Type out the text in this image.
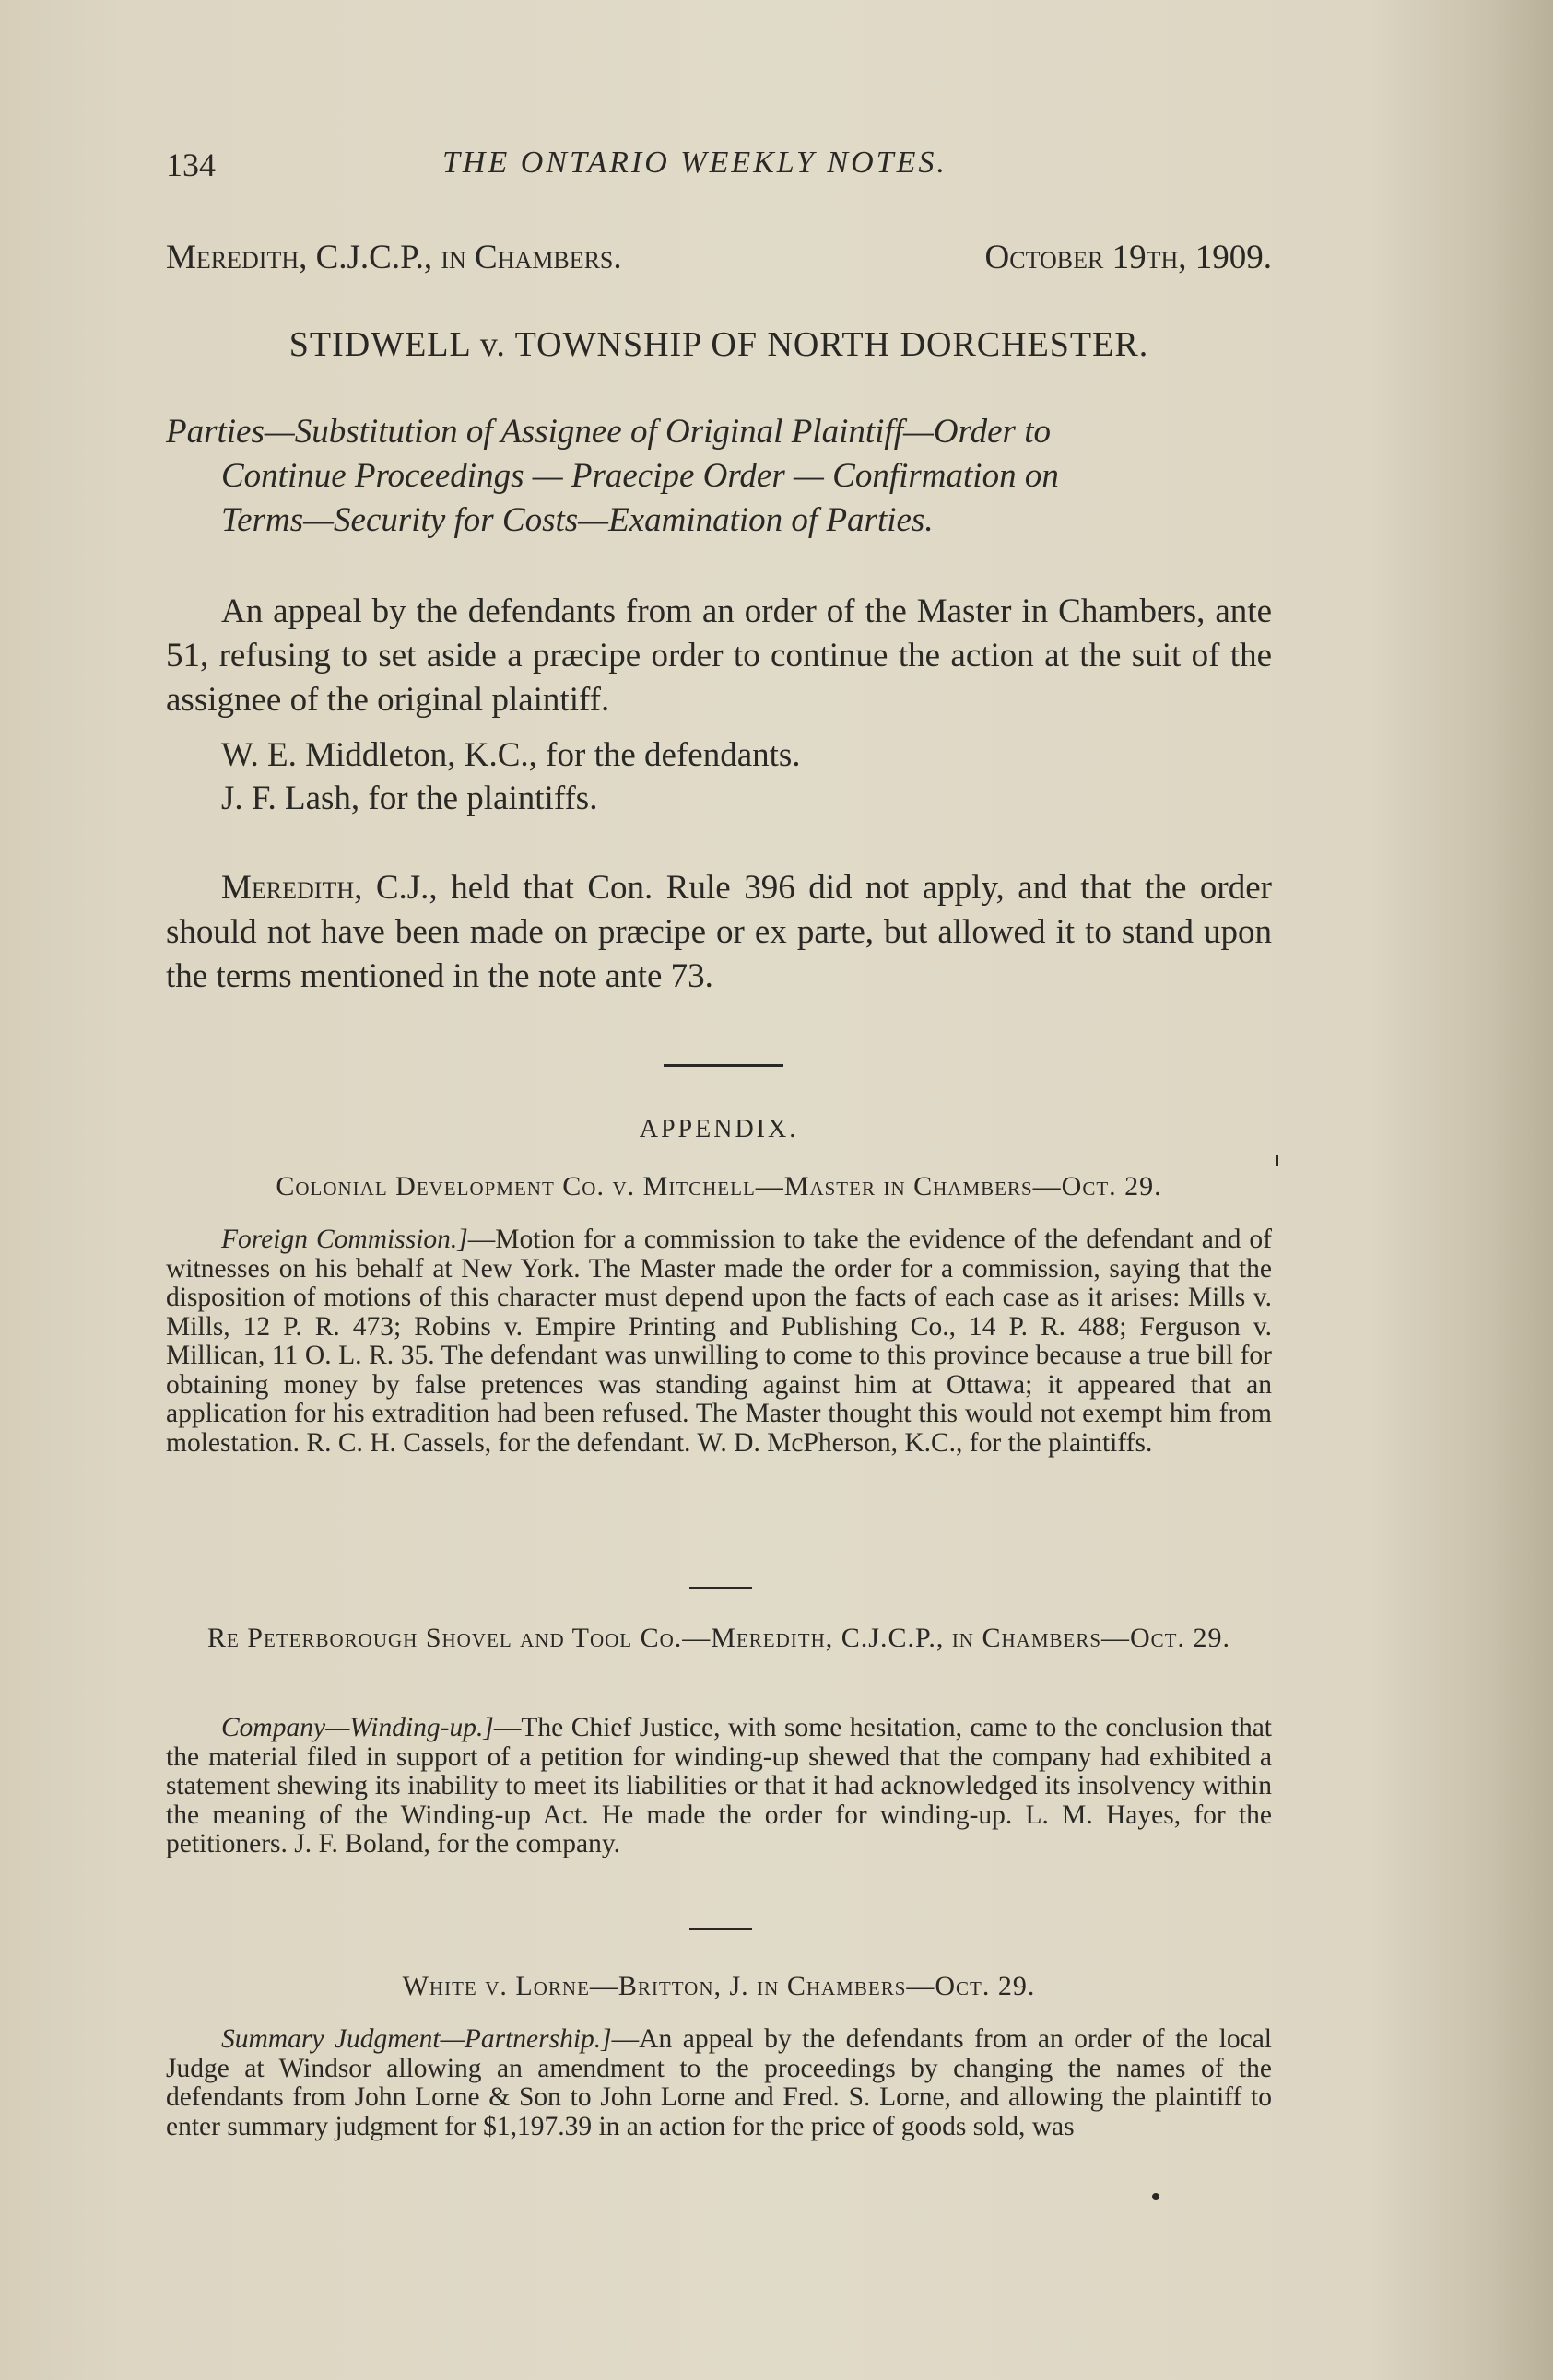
134	THE ONTARIO WEEKLY NOTES.
Meredith, C.J.C.P., in Chambers.	October 19th, 1909.
STIDWELL v. TOWNSHIP OF NORTH DORCHESTER.
Parties—Substitution of Assignee of Original Plaintiff—Order to
Continue Proceedings — Praecipe Order — Confirmation on
Terms—Security for Costs—Examination of Parties.
An appeal by the defendants from an order of the Master in Chambers, ante 51, refusing to set aside a præcipe order to continue the action at the suit of the assignee of the original plaintiff.
W. E. Middleton, K.C., for the defendants.
J. F. Lash, for the plaintiffs.
Meredith, C.J., held that Con. Rule 396 did not apply, and that the order should not have been made on præcipe or ex parte, but allowed it to stand upon the terms mentioned in the note ante 73.
APPENDIX.
Colonial Development Co. v. Mitchell—Master in Chambers—Oct. 29.
Foreign Commission.]—Motion for a commission to take the evidence of the defendant and of witnesses on his behalf at New York. The Master made the order for a commission, saying that the disposition of motions of this character must depend upon the facts of each case as it arises: Mills v. Mills, 12 P. R. 473; Robins v. Empire Printing and Publishing Co., 14 P. R. 488; Ferguson v. Millican, 11 O. L. R. 35. The defendant was unwilling to come to this province because a true bill for obtaining money by false pretences was standing against him at Ottawa; it appeared that an application for his extradition had been refused. The Master thought this would not exempt him from molestation. R. C. H. Cassels, for the defendant. W. D. McPherson, K.C., for the plaintiffs.
Re Peterborough Shovel and Tool Co.—Meredith, C.J.C.P., in Chambers—Oct. 29.
Company—Winding-up.]—The Chief Justice, with some hesitation, came to the conclusion that the material filed in support of a petition for winding-up shewed that the company had exhibited a statement shewing its inability to meet its liabilities or that it had acknowledged its insolvency within the meaning of the Winding-up Act. He made the order for winding-up. L. M. Hayes, for the petitioners. J. F. Boland, for the company.
White v. Lorne—Britton, J. in Chambers—Oct. 29.
Summary Judgment—Partnership.]—An appeal by the defendants from an order of the local Judge at Windsor allowing an amendment to the proceedings by changing the names of the defendants from John Lorne & Son to John Lorne and Fred. S. Lorne, and allowing the plaintiff to enter summary judgment for $1,197.39 in an action for the price of goods sold, was
